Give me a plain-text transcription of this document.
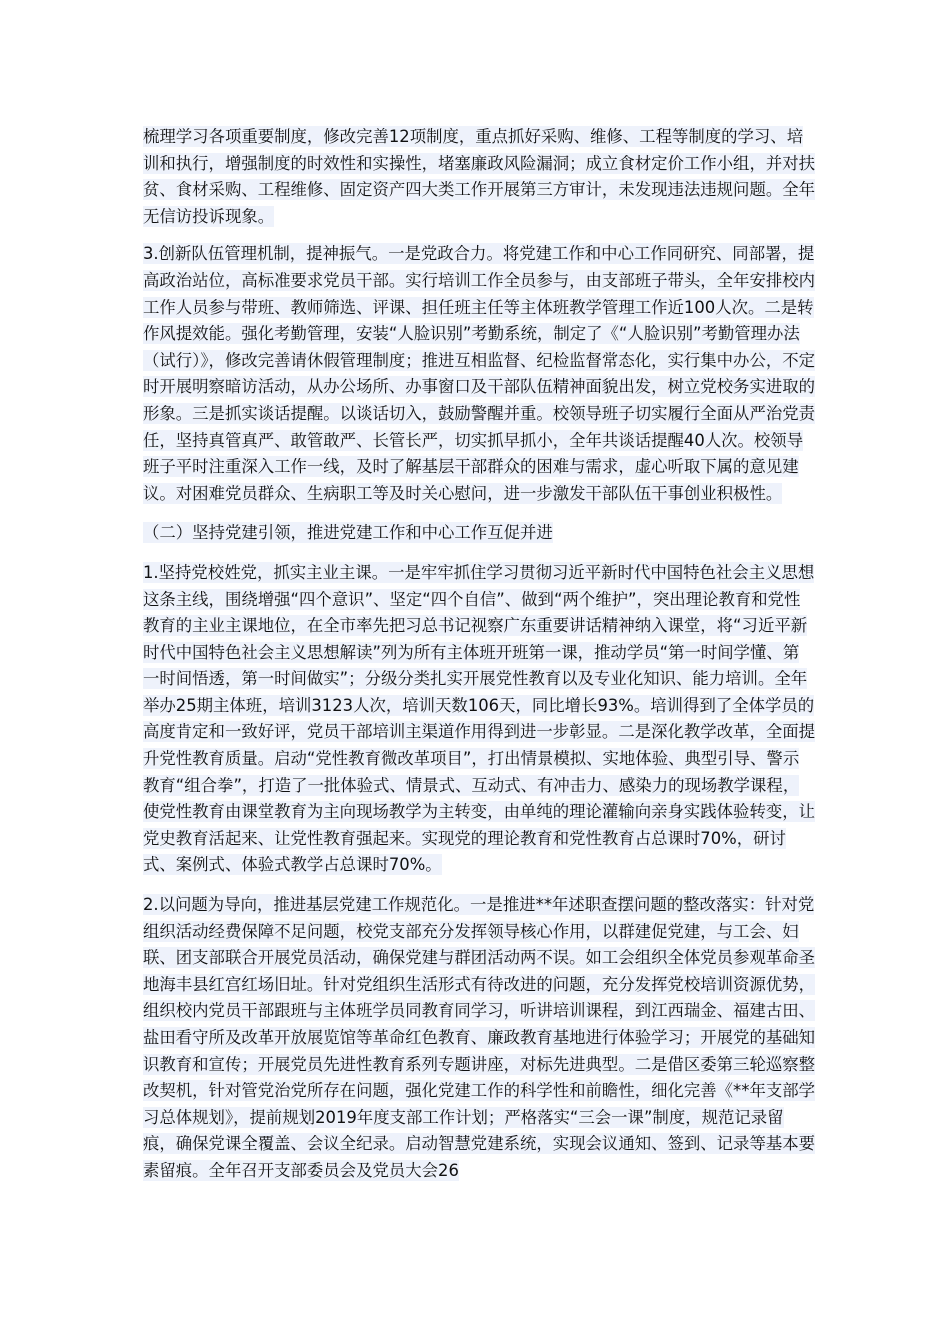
梳理学习各项重要制度，修改完善12项制度，重点抓好采购、维修、工程等制度的学习、培训和执行，增强制度的时效性和实操性，堵塞廉政风险漏洞；成立食材定价工作小组，并对扶贫、食材采购、工程维修、固定资产四大类工作开展第三方审计，未发现违法违规问题。全年无信访投诉现象。

3.创新队伍管理机制，提神振气。一是党政合力。将党建工作和中心工作同研究、同部署，提高政治站位，高标准要求党员干部。实行培训工作全员参与，由支部班子带头，全年安排校内工作人员参与带班、教师筛选、评课、担任班主任等主体班教学管理工作近100人次。二是转作风提效能。强化考勤管理，安装“人脸识别”考勤系统，制定了《“人脸识别”考勤管理办法（试行）》，修改完善请休假管理制度；推进互相监督、纪检监督常态化，实行集中办公，不定时开展明察暗访活动，从办公场所、办事窗口及干部队伍精神面貌出发，树立党校务实进取的形象。三是抓实谈话提醒。以谈话切入，鼓励警醒并重。校领导班子切实履行全面从严治党责任，坚持真管真严、敢管敢严、长管长严，切实抓早抓小，全年共谈话提醒40人次。校领导班子平时注重深入工作一线，及时了解基层干部群众的困难与需求，虚心听取下属的意见建议。对困难党员群众、生病职工等及时关心慰问，进一步激发干部队伍干事创业积极性。

（二）坚持党建引领，推进党建工作和中心工作互促并进

1.坚持党校姓党，抓实主业主课。一是牢牢抓住学习贯彻习近平新时代中国特色社会主义思想这条主线，围绕增强“四个意识”、坚定“四个自信”、做到“两个维护”，突出理论教育和党性教育的主业主课地位，在全市率先把习总书记视察广东重要讲话精神纳入课堂，将“习近平新时代中国特色社会主义思想解读”列为所有主体班开班第一课，推动学员“第一时间学懂、第一时间悟透，第一时间做实”；分级分类扎实开展党性教育以及专业化知识、能力培训。全年举办25期主体班，培训3123人次，培训天数106天，同比增长93%。培训得到了全体学员的高度肯定和一致好评，党员干部培训主渠道作用得到进一步彰显。二是深化教学改革，全面提升党性教育质量。启动“党性教育微改革项目”，打出情景模拟、实地体验、典型引导、警示教育“组合拳”，打造了一批体验式、情景式、互动式、有冲击力、感染力的现场教学课程，使党性教育由课堂教育为主向现场教学为主转变，由单纯的理论灌输向亲身实践体验转变，让党史教育活起来、让党性教育强起来。实现党的理论教育和党性教育占总课时70%，研讨式、案例式、体验式教学占总课时70%。

2.以问题为导向，推进基层党建工作规范化。一是推进**年述职查摆问题的整改落实：针对党组织活动经费保障不足问题，校党支部充分发挥领导核心作用，以群建促党建，与工会、妇联、团支部联合开展党员活动，确保党建与群团活动两不误。如工会组织全体党员参观革命圣地海丰县红宫红场旧址。针对党组织生活形式有待改进的问题，充分发挥党校培训资源优势，组织校内党员干部跟班与主体班学员同教育同学习，听讲培训课程，到江西瑞金、福建古田、盐田看守所及改革开放展览馆等革命红色教育、廉政教育基地进行体验学习；开展党的基础知识教育和宣传；开展党员先进性教育系列专题讲座，对标先进典型。二是借区委第三轮巡察整改契机，针对管党治党所存在问题，强化党建工作的科学性和前瞻性，细化完善《**年支部学习总体规划》，提前规划2019年度支部工作计划；严格落实“三会一课”制度，规范记录留痕，确保党课全覆盖、会议全纪录。启动智慧党建系统，实现会议通知、签到、记录等基本要素留痕。全年召开支部委员会及党员大会26
